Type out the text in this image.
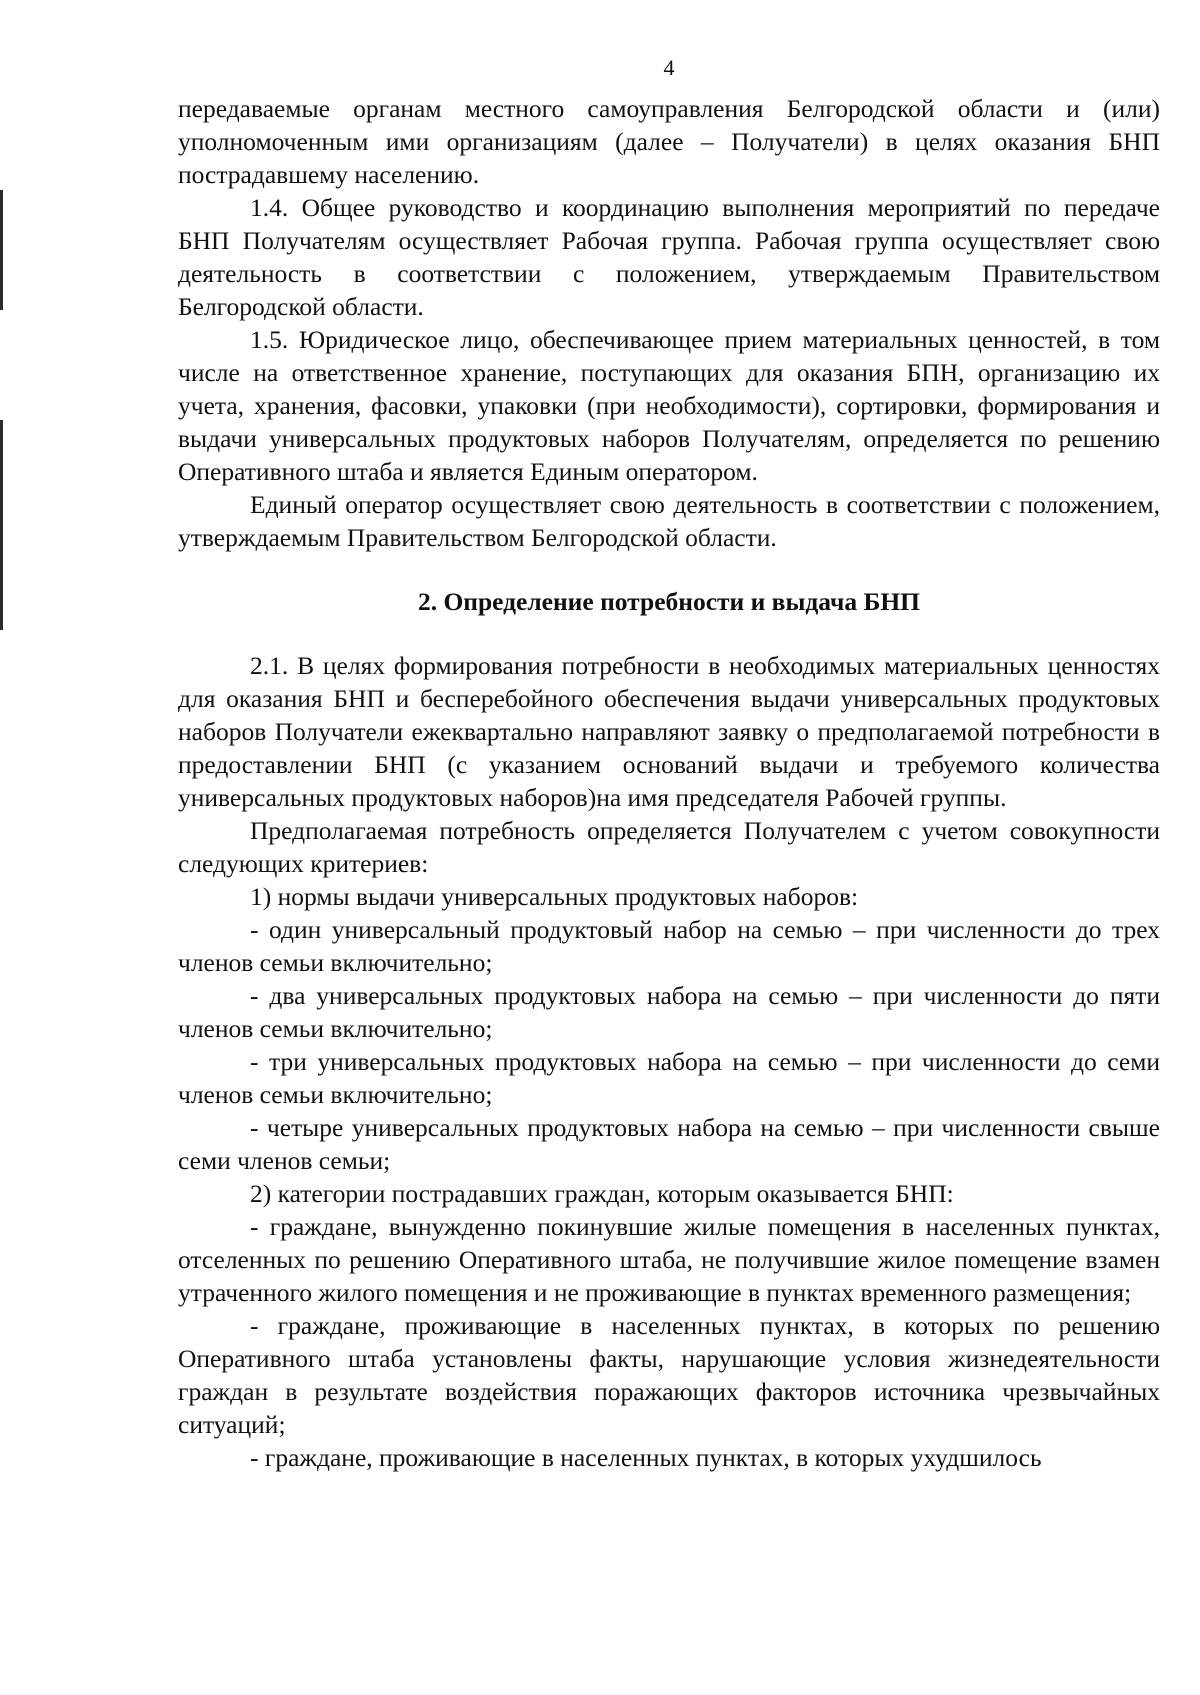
4

передаваемые органам местного самоуправления Белгородской области и (или) уполномоченным ими организациям (далее – Получатели) в целях оказания БНП пострадавшему населению.

1.4. Общее руководство и координацию выполнения мероприятий по передаче БНП Получателям осуществляет Рабочая группа. Рабочая группа осуществляет свою деятельность в соответствии с положением, утверждаемым Правительством Белгородской области.

1.5. Юридическое лицо, обеспечивающее прием материальных ценностей, в том числе на ответственное хранение, поступающих для оказания БПН, организацию их учета, хранения, фасовки, упаковки (при необходимости), сортировки, формирования и выдачи универсальных продуктовых наборов Получателям, определяется по решению Оперативного штаба и является Единым оператором.

Единый оператор осуществляет свою деятельность в соответствии с положением, утверждаемым Правительством Белгородской области.

2. Определение потребности и выдача БНП

2.1. В целях формирования потребности в необходимых материальных ценностях для оказания БНП и бесперебойного обеспечения выдачи универсальных продуктовых наборов Получатели ежеквартально направляют заявку о предполагаемой потребности в предоставлении БНП (с указанием оснований выдачи и требуемого количества универсальных продуктовых наборов)на имя председателя Рабочей группы.

Предполагаемая потребность определяется Получателем с учетом совокупности следующих критериев:

1) нормы выдачи универсальных продуктовых наборов:

- один универсальный продуктовый набор на семью – при численности до трех членов семьи включительно;

- два универсальных продуктовых набора на семью – при численности до пяти членов семьи включительно;

- три универсальных продуктовых набора на семью – при численности до семи членов семьи включительно;

- четыре универсальных продуктовых набора на семью – при численности свыше семи членов семьи;

2) категории пострадавших граждан, которым оказывается БНП:

- граждане, вынужденно покинувшие жилые помещения в населенных пунктах, отселенных по решению Оперативного штаба, не получившие жилое помещение взамен утраченного жилого помещения и не проживающие в пунктах временного размещения;

- граждане, проживающие в населенных пунктах, в которых по решению Оперативного штаба установлены факты, нарушающие условия жизнедеятельности граждан в результате воздействия поражающих факторов источника чрезвычайных ситуаций;

- граждане, проживающие в населенных пунктах, в которых ухудшилось
